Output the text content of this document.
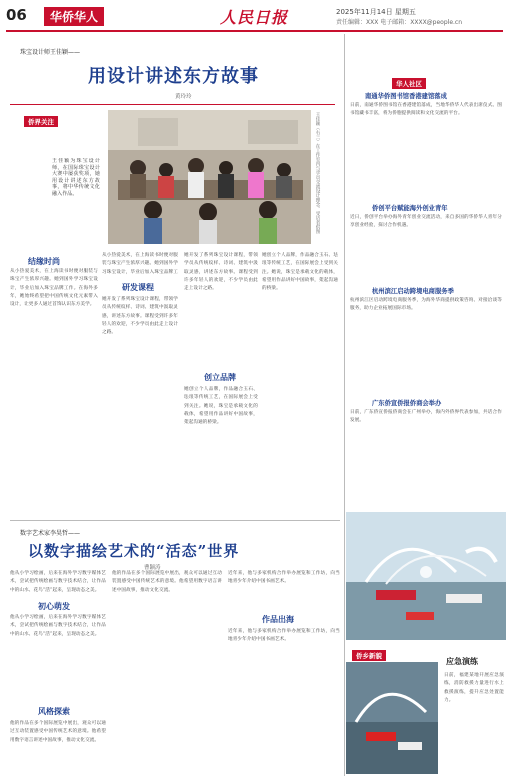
06	华侨华人	人民日报	2025年11月14日 星期五
责任编辑：XXX 电子邮箱：XXXX@people.cn
珠宝设计师王佳颖——
用设计讲述东方故事
黄玲玲
侨界关注
王佳颖为珠宝设计师，在国际珠宝设计大赛中屡获奖项，她用设计讲述东方故事，将中华传统文化融入作品。	王佳颖（右三）在工作室内与学员交流设计理念。受访者供图
结缘时尚
从小热爱美术，在上海读书时便对服装与珠宝产生浓厚兴趣。她到国外学习珠宝设计，毕业后加入珠宝品牌工作。在海外多年，她始终希望把中国传统文化元素带入设计，让更多人通过首饰认识东方美学。
从小热爱美术，在上海读书时便对服装与珠宝产生浓厚兴趣。她到国外学习珠宝设计，毕业后加入珠宝品牌工
研发课程
她开发了系列珠宝设计课程，带领学员从传统纹样、诗词、建筑中汲取灵感，讲述东方故事。课程受到许多年轻人的欢迎，不少学员由此走上设计之路。
她开发了系列珠宝设计课程，带领学员从传统纹样、诗词、建筑中汲取灵感，讲述东方故事。课程受到许多年轻人的欢迎，不少学员由此走上设计之路。
创立品牌
她创立个人品牌，作品融合玉石、珐琅等传统工艺，在国际展会上受到关注。她说，珠宝是承载文化的载体，希望用作品讲好中国故事，架起沟通的桥梁。
她创立个人品牌，作品融合玉石、珐琅等传统工艺，在国际展会上受到关注。她说，珠宝是承载文化的载体，希望用作品讲好中国故事，架起沟通的桥梁。
数字艺术家李昊哲——
以数字描绘艺术的“活态”世界
曹颖涛
他从小学习绘画，后来在海外学习数字媒体艺术，尝试把传统绘画与数字技术结合，让作品中的山水、花鸟“活”起来，呈现动态之美。
初心萌发
他从小学习绘画，后来在海外学习数字媒体艺术，尝试把传统绘画与数字技术结合，让作品中的山水、花鸟“活”起来，呈现动态之美。
风格探索
他的作品在多个国际展览中展出，观众可以通过互动装置感受中国传统艺术的意境。他希望用数字语言讲述中国故事，推动文化交流。
他的作品在多个国际展览中展出，观众可以通过互动装置感受中国传统艺术的意境。他希望用数字语言讲述中国故事，推动文化交流。
近年来，他与多家机构合作举办展览和工作坊，向当地青少年介绍中国书画艺术。
作品出海
近年来，他与多家机构合作举办展览和工作坊，向当地青少年介绍中国书画艺术。
华人社区
南通华侨图书馆香港建馆落成
日前，南通华侨图书馆在香港建馆落成，当地华侨华人代表出席仪式。图书馆藏书丰富，将为侨胞提供阅读和文化交流的平台。
侨创平台赋能海外创业青年
近日，侨创平台举办海外青年创业交流活动，来自多国的华侨华人青年分享创业经验，探讨合作机遇。
杭州滨江启动跨境电商服务季
杭州滨江区启动跨境电商服务季，为海外华商提供政策咨询、对接洽谈等服务，助力企业拓展国际市场。
广东侨宣侨报侨商会举办
日前，广东侨宣侨报侨商会在广州举办，海内外侨界代表参加，共话合作发展。
侨乡新貌
应急演练
日前，福建某地开展应急演练，消防救援力量进行水上救援演练，提升应急处置能力。
